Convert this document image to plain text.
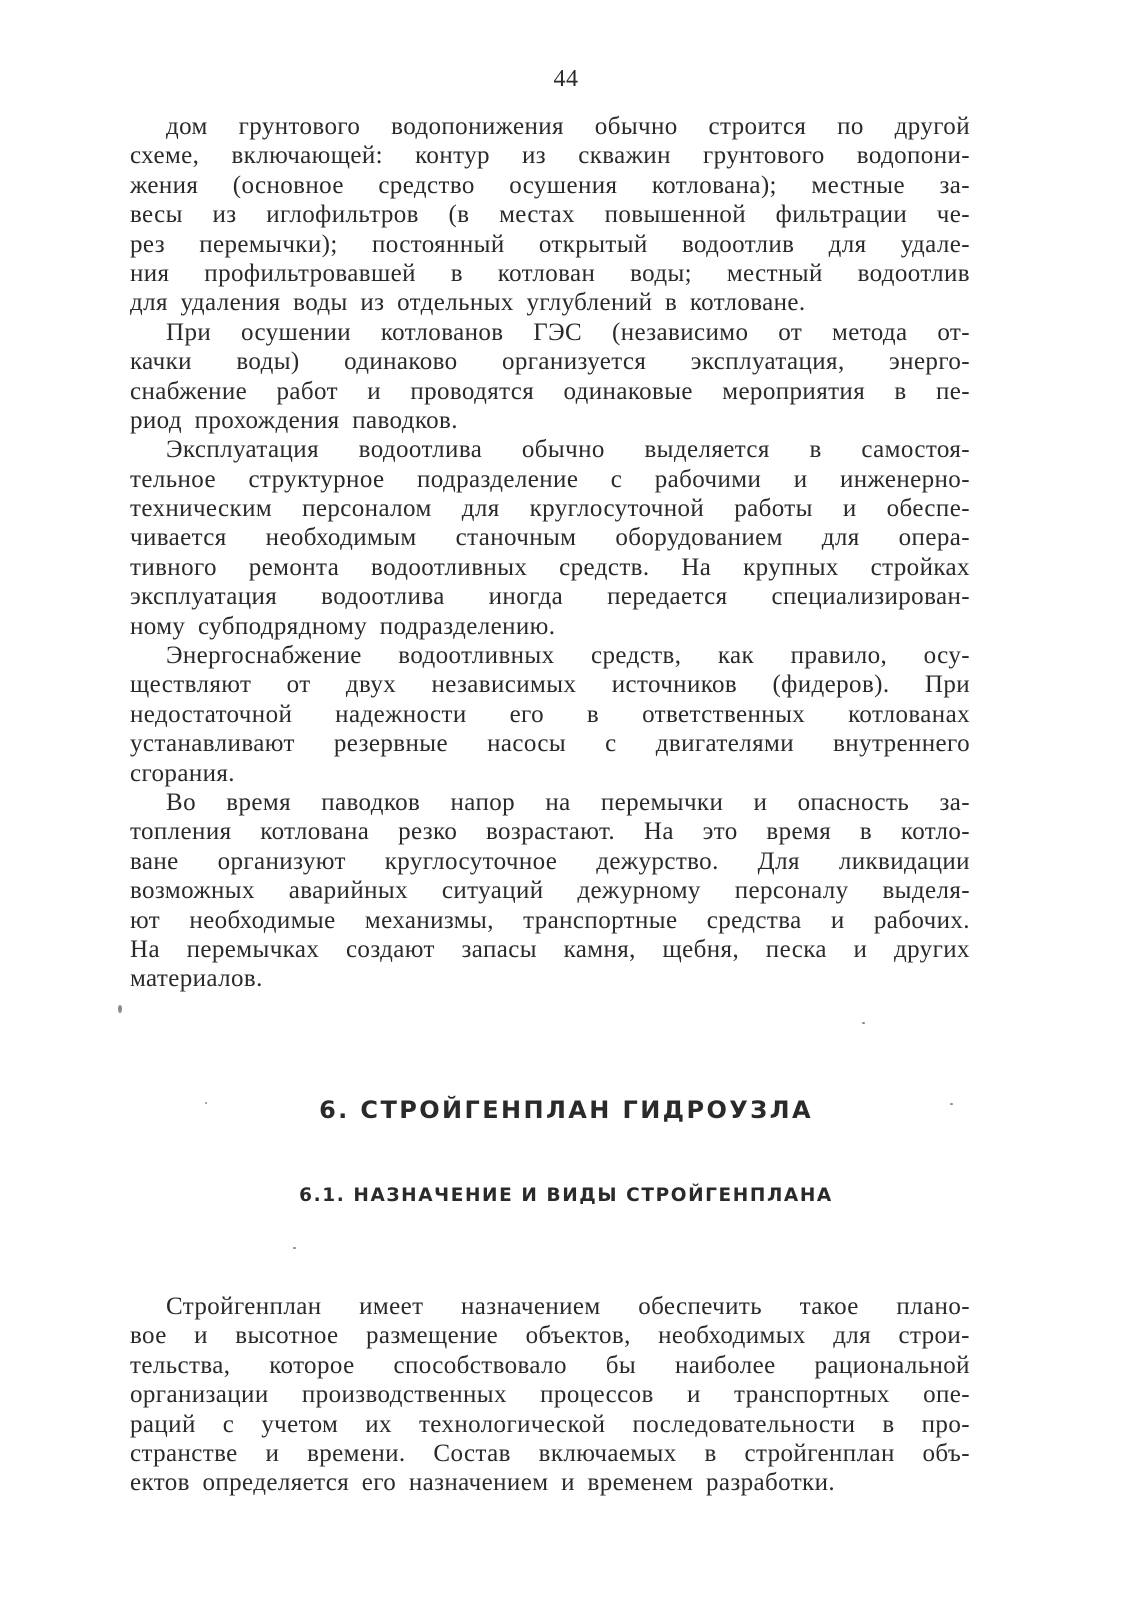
44
дом грунтового водопонижения обычно строится по другой
схеме, включающей: контур из скважин грунтового водопони-
жения (основное средство осушения котлована); местные за-
весы из иглофильтров (в местах повышенной фильтрации че-
рез перемычки); постоянный открытый водоотлив для удале-
ния профильтровавшей в котлован воды; местный водоотлив
для удаления воды из отдельных углублений в котловане.
При осушении котлованов ГЭС (независимо от метода от-
качки воды) одинаково организуется эксплуатация, энерго-
снабжение работ и проводятся одинаковые мероприятия в пе-
риод прохождения паводков.
Эксплуатация водоотлива обычно выделяется в самостоя-
тельное структурное подразделение с рабочими и инженерно-
техническим персоналом для круглосуточной работы и обеспе-
чивается необходимым станочным оборудованием для опера-
тивного ремонта водоотливных средств. На крупных стройках
эксплуатация водоотлива иногда передается специализирован-
ному субподрядному подразделению.
Энергоснабжение водоотливных средств, как правило, осу-
ществляют от двух независимых источников (фидеров). При
недостаточной надежности его в ответственных котлованах
устанавливают резервные насосы с двигателями внутреннего
сгорания.
Во время паводков напор на перемычки и опасность за-
топления котлована резко возрастают. На это время в котло-
ване организуют круглосуточное дежурство. Для ликвидации
возможных аварийных ситуаций дежурному персоналу выделя-
ют необходимые механизмы, транспортные средства и рабочих.
На перемычках создают запасы камня, щебня, песка и других
материалов.
6. СТРОЙГЕНПЛАН ГИДРОУЗЛА
6.1. НАЗНАЧЕНИЕ И ВИДЫ СТРОЙГЕНПЛАНА
Стройгенплан имеет назначением обеспечить такое плано-
вое и высотное размещение объектов, необходимых для строи-
тельства, которое способствовало бы наиболее рациональной
организации производственных процессов и транспортных опе-
раций с учетом их технологической последовательности в про-
странстве и времени. Состав включаемых в стройгенплан объ-
ектов определяется его назначением и временем разработки.
